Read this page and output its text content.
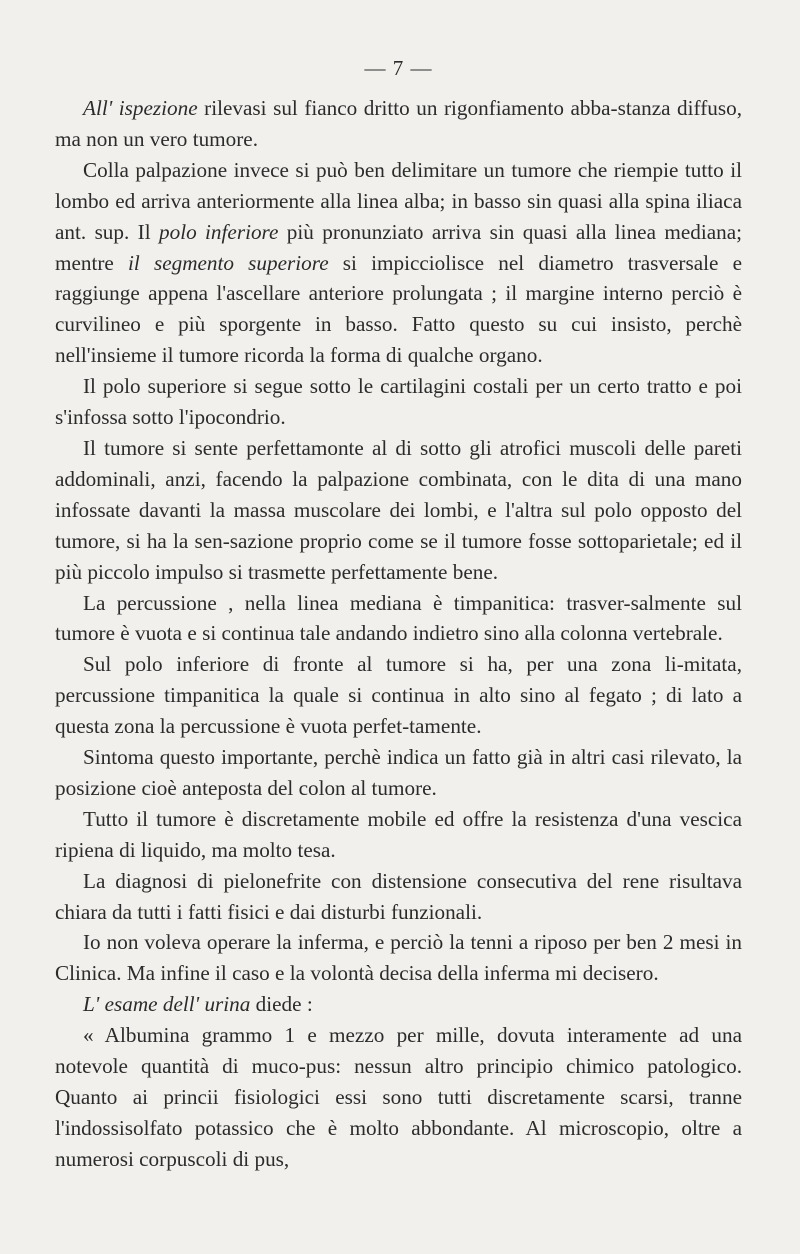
— 7 —

All' ispezione rilevasi sul fianco dritto un rigonfiamento abba-stanza diffuso, ma non un vero tumore.

Colla palpazione invece si può ben delimitare un tumore che riempie tutto il lombo ed arriva anteriormente alla linea alba; in basso sin quasi alla spina iliaca ant. sup. Il polo inferiore più pronunziato arriva sin quasi alla linea mediana; mentre il segmento superiore si impicciolisce nel diametro trasversale e raggiunge appena l'ascellare anteriore prolungata ; il margine interno perciò è curvilineo e più sporgente in basso. Fatto questo su cui insisto, perchè nell'insieme il tumore ricorda la forma di qualche organo.

Il polo superiore si segue sotto le cartilagini costali per un certo tratto e poi s'infossa sotto l'ipocondrio.

Il tumore si sente perfettamonte al di sotto gli atrofici muscoli delle pareti addominali, anzi, facendo la palpazione combinata, con le dita di una mano infossate davanti la massa muscolare dei lombi, e l'altra sul polo opposto del tumore, si ha la sen-sazione proprio come se il tumore fosse sottoparietale; ed il più piccolo impulso si trasmette perfettamente bene.

La percussione , nella linea mediana è timpanitica: trasver-salmente sul tumore è vuota e si continua tale andando indietro sino alla colonna vertebrale.

Sul polo inferiore di fronte al tumore si ha, per una zona li-mitata, percussione timpanitica la quale si continua in alto sino al fegato ; di lato a questa zona la percussione è vuota perfet-tamente.

Sintoma questo importante, perchè indica un fatto già in altri casi rilevato, la posizione cioè anteposta del colon al tumore.

Tutto il tumore è discretamente mobile ed offre la resistenza d'una vescica ripiena di liquido, ma molto tesa.

La diagnosi di pielonefrite con distensione consecutiva del rene risultava chiara da tutti i fatti fisici e dai disturbi funzionali.

Io non voleva operare la inferma, e perciò la tenni a riposo per ben 2 mesi in Clinica. Ma infine il caso e la volontà decisa della inferma mi decisero.

L' esame dell' urina diede :

« Albumina grammo 1 e mezzo per mille, dovuta interamente ad una notevole quantità di muco-pus: nessun altro principio chimico patologico. Quanto ai princii fisiologici essi sono tutti discretamente scarsi, tranne l'indossisolfato potassico che è molto abbondante. Al microscopio, oltre a numerosi corpuscoli di pus,
